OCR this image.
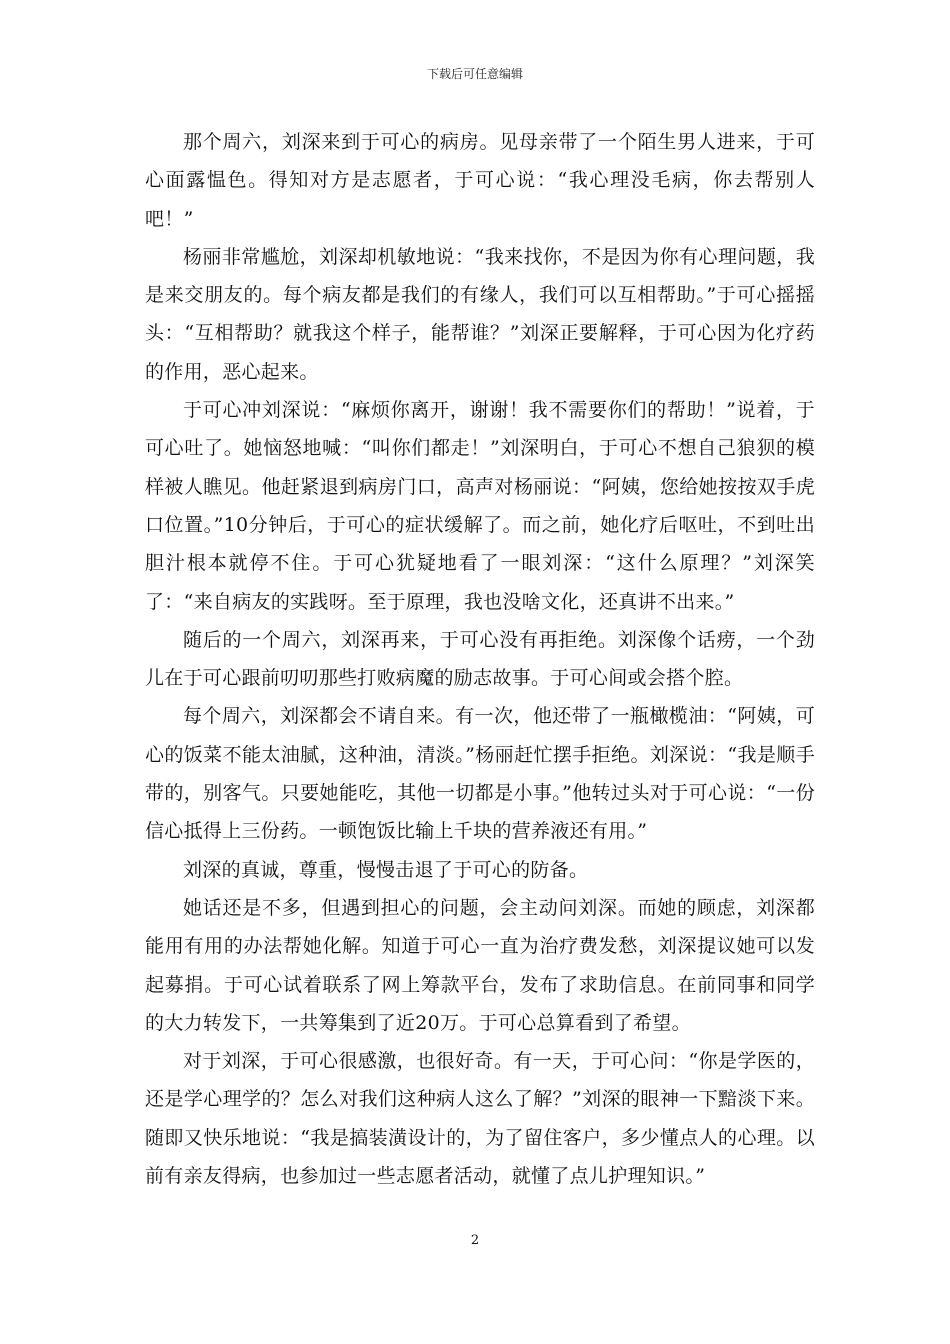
下载后可任意编辑

那个周六，刘深来到于可心的病房。见母亲带了一个陌生男人进来，于可心面露愠色。得知对方是志愿者，于可心说：“我心理没毛病，你去帮别人吧！”

杨丽非常尴尬，刘深却机敏地说：“我来找你，不是因为你有心理问题，我是来交朋友的。每个病友都是我们的有缘人，我们可以互相帮助。”于可心摇摇头：“互相帮助？就我这个样子，能帮谁？”刘深正要解释，于可心因为化疗药的作用，恶心起来。

于可心冲刘深说：“麻烦你离开，谢谢！我不需要你们的帮助！”说着，于可心吐了。她恼怒地喊：“叫你们都走！”刘深明白，于可心不想自己狼狈的模样被人瞧见。他赶紧退到病房门口，高声对杨丽说：“阿姨，您给她按按双手虎口位置。”10分钟后，于可心的症状缓解了。而之前，她化疗后呕吐，不到吐出胆汁根本就停不住。于可心犹疑地看了一眼刘深：“这什么原理？”刘深笑了：“来自病友的实践呀。至于原理，我也没啥文化，还真讲不出来。”

随后的一个周六，刘深再来，于可心没有再拒绝。刘深像个话痨，一个劲儿在于可心跟前叨叨那些打败病魔的励志故事。于可心间或会搭个腔。

每个周六，刘深都会不请自来。有一次，他还带了一瓶橄榄油：“阿姨，可心的饭菜不能太油腻，这种油，清淡。”杨丽赶忙摆手拒绝。刘深说：“我是顺手带的，别客气。只要她能吃，其他一切都是小事。”他转过头对于可心说：“一份信心抵得上三份药。一顿饱饭比输上千块的营养液还有用。”

刘深的真诚，尊重，慢慢击退了于可心的防备。

她话还是不多，但遇到担心的问题，会主动问刘深。而她的顾虑，刘深都能用有用的办法帮她化解。知道于可心一直为治疗费发愁，刘深提议她可以发起募捐。于可心试着联系了网上筹款平台，发布了求助信息。在前同事和同学的大力转发下，一共筹集到了近20万。于可心总算看到了希望。

对于刘深，于可心很感激，也很好奇。有一天，于可心问：“你是学医的，还是学心理学的？怎么对我们这种病人这么了解？”刘深的眼神一下黯淡下来。随即又快乐地说：“我是搞装潢设计的，为了留住客户，多少懂点人的心理。以前有亲友得病，也参加过一些志愿者活动，就懂了点儿护理知识。”

2
